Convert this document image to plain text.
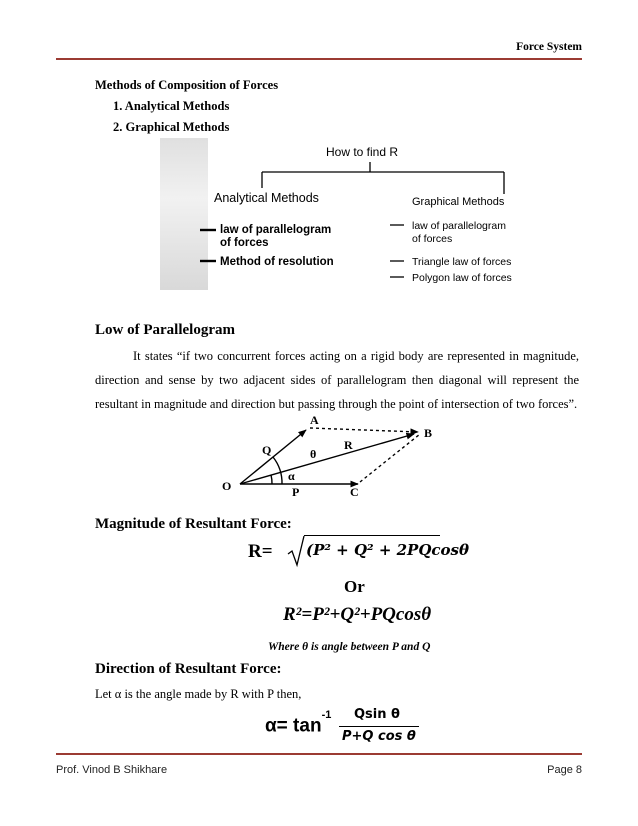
Force System
Methods of Composition of Forces
1. Analytical Methods
2. Graphical Methods
How to find R
Analytical Methods
law of parallelogram
of forces
Method of resolution
Graphical Methods
law of parallelogram
of forces
Triangle law of forces
Polygon law of forces
Low of Parallelogram
It states “if two concurrent forces acting on a rigid body are represented in magnitude, direction and sense by two adjacent sides of parallelogram then diagonal will represent the resultant in magnitude and direction but passing through the point of intersection of two forces”.
O
A
B
C
P
Q	R
θ
α
Magnitude of Resultant Force:
R= (P² + Q² + 2PQcosθ
Or
R²=P²+Q²+PQcosθ
Where θ is angle between P and Q
Direction of Resultant Force:
Let α is the angle made by R with P then,
$\alpha= \tan^{-1} Qsin$ θ
P+Q cos θ
Prof. Vinod B Shikhare	Page 8
